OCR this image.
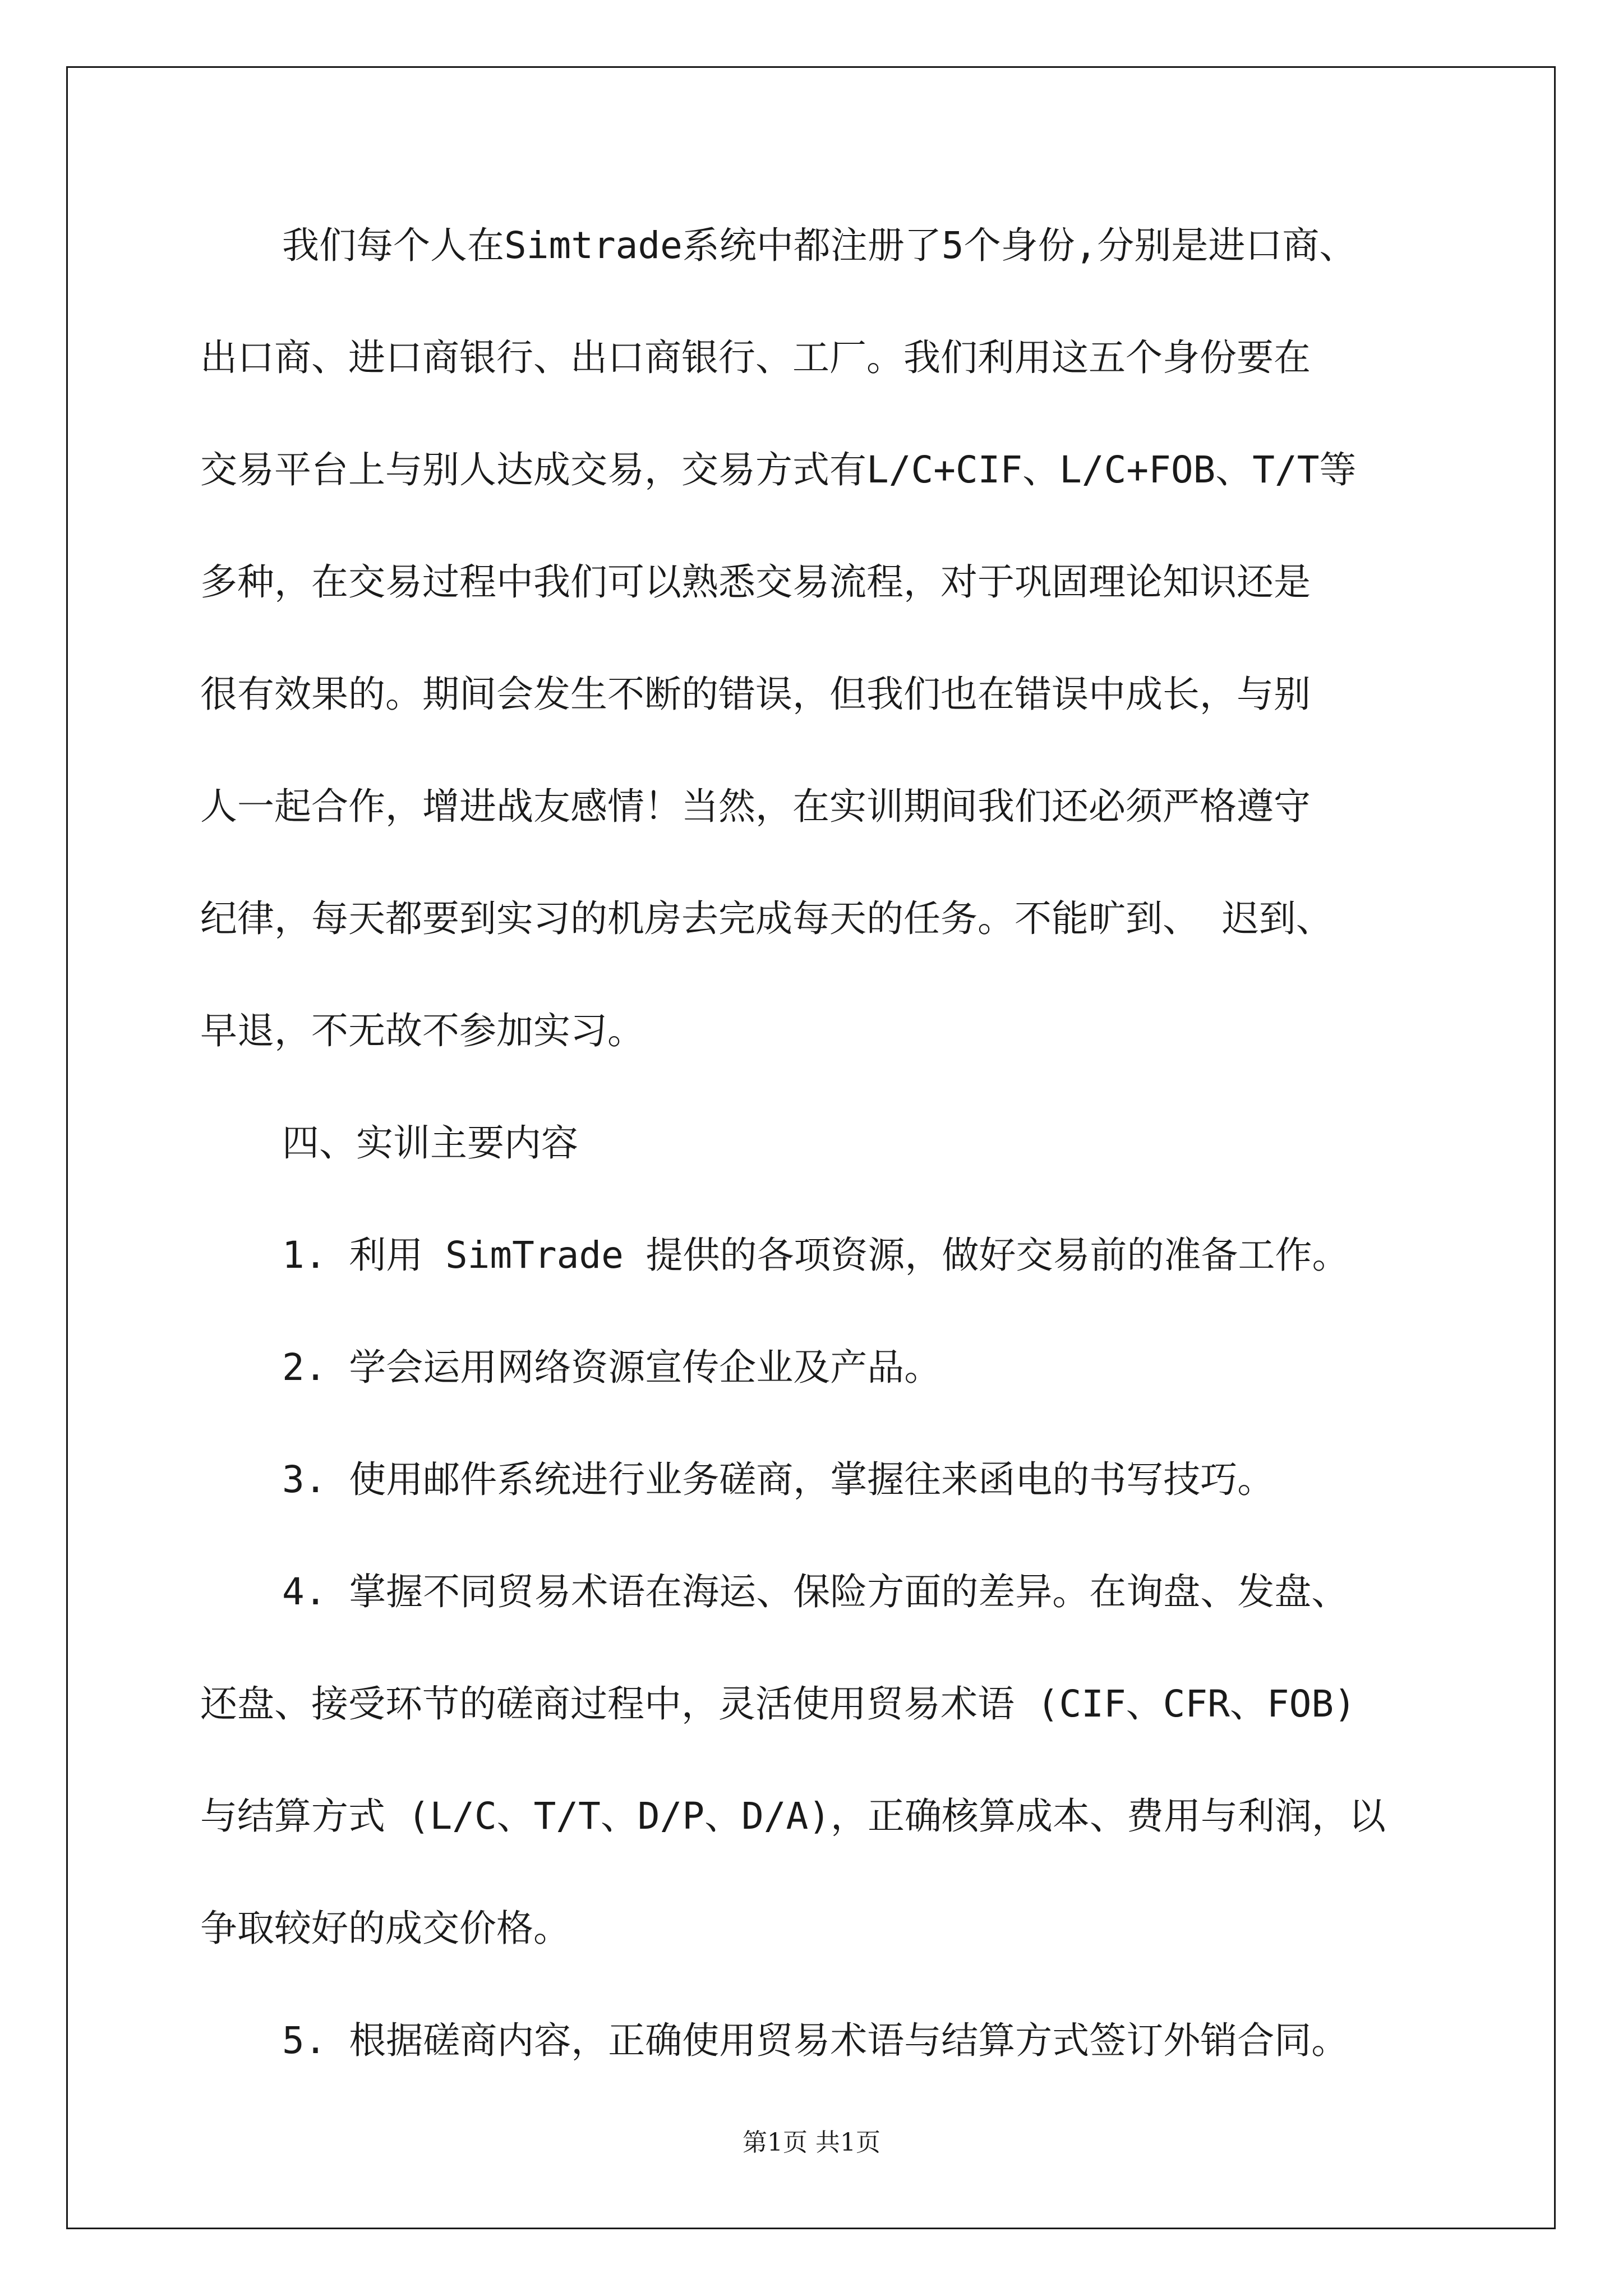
我们每个人在Simtrade系统中都注册了5个身份,分别是进口商、
出口商、进口商银行、出口商银行、工厂。我们利用这五个身份要在
交易平台上与别人达成交易，交易方式有L/C+CIF、L/C+FOB、T/T等
多种，在交易过程中我们可以熟悉交易流程，对于巩固理论知识还是
很有效果的。期间会发生不断的错误，但我们也在错误中成长，与别
人一起合作，增进战友感情！当然，在实训期间我们还必须严格遵守
纪律，每天都要到实习的机房去完成每天的任务。不能旷到、 迟到、
早退，不无故不参加实习。
四、实训主要内容
1. 利用 SimTrade 提供的各项资源，做好交易前的准备工作。
2. 学会运用网络资源宣传企业及产品。
3. 使用邮件系统进行业务磋商，掌握往来函电的书写技巧。
4. 掌握不同贸易术语在海运、保险方面的差异。在询盘、发盘、
还盘、接受环节的磋商过程中，灵活使用贸易术语 (CIF、CFR、FOB)
与结算方式 (L/C、T/T、D/P、D/A)，正确核算成本、费用与利润，以
争取较好的成交价格。
5. 根据磋商内容，正确使用贸易术语与结算方式签订外销合同。
第1页 共1页
